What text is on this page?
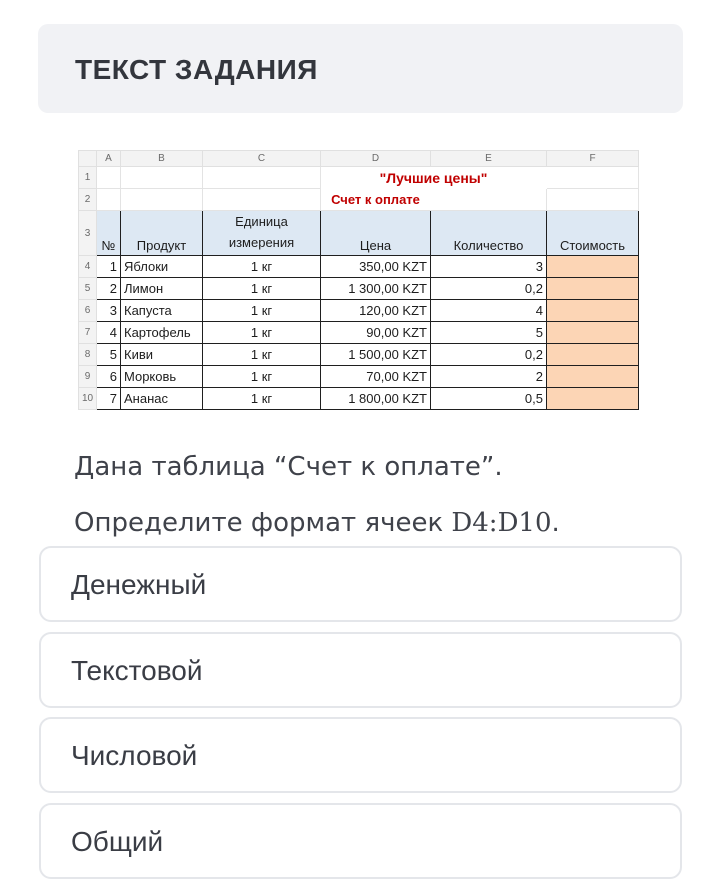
ТЕКСТ ЗАДАНИЯ
	A	B	C	D	E	F
1				"Лучшие цены"		
2				Счет к оплате		
3	№	Продукт	Единица измерения	Цена	Количество	Стоимость
4	1	Яблоки	1 кг	350,00 KZT	3	
5	2	Лимон	1 кг	1 300,00 KZT	0,2	
6	3	Капуста	1 кг	120,00 KZT	4	
7	4	Картофель	1 кг	90,00 KZT	5	
8	5	Киви	1 кг	1 500,00 KZT	0,2	
9	6	Морковь	1 кг	70,00 KZT	2	
10	7	Ананас	1 кг	1 800,00 KZT	0,5	
Дана таблица “Счет к оплате”.
Определите формат ячеек D4:D10.
Денежный
Текстовой
Числовой
Общий
